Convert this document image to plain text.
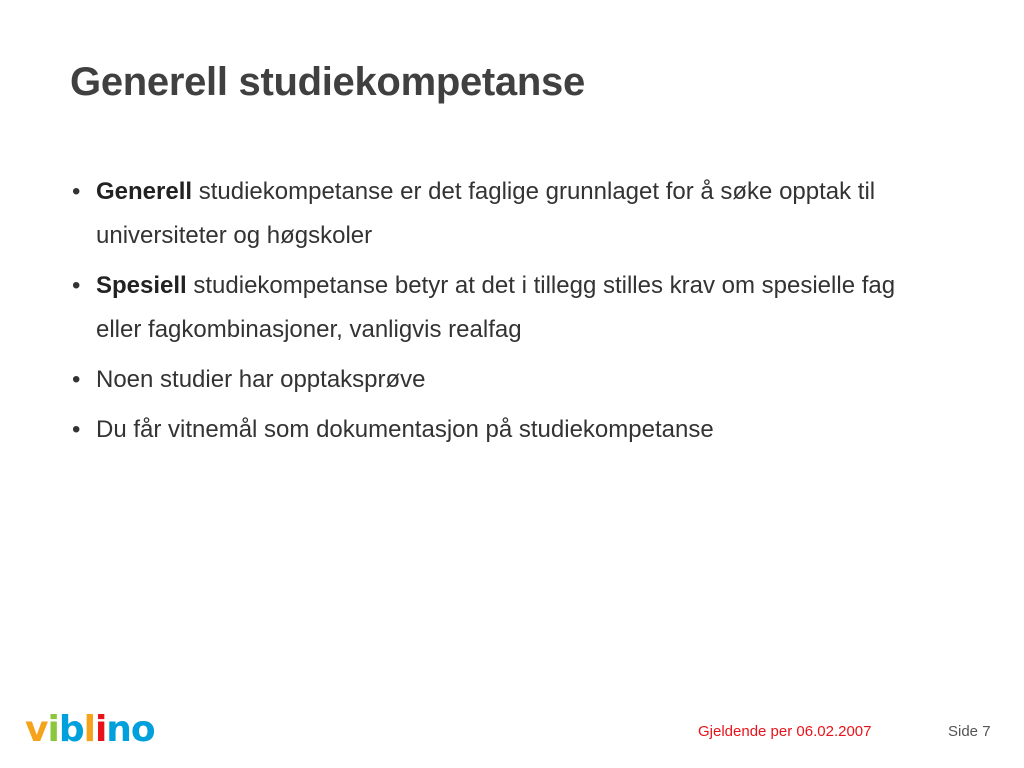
Generell studiekompetanse
• Generell studiekompetanse er det faglige grunnlaget for å søke opptak til universiteter og høgskoler
• Spesiell studiekompetanse betyr at det i tillegg stilles krav om spesielle fag eller fagkombinasjoner, vanligvis realfag
• Noen studier har opptaksprøve
• Du får vitnemål som dokumentasjon på studiekompetanse
viblino	Gjeldende per 06.02.2007	Side 7
